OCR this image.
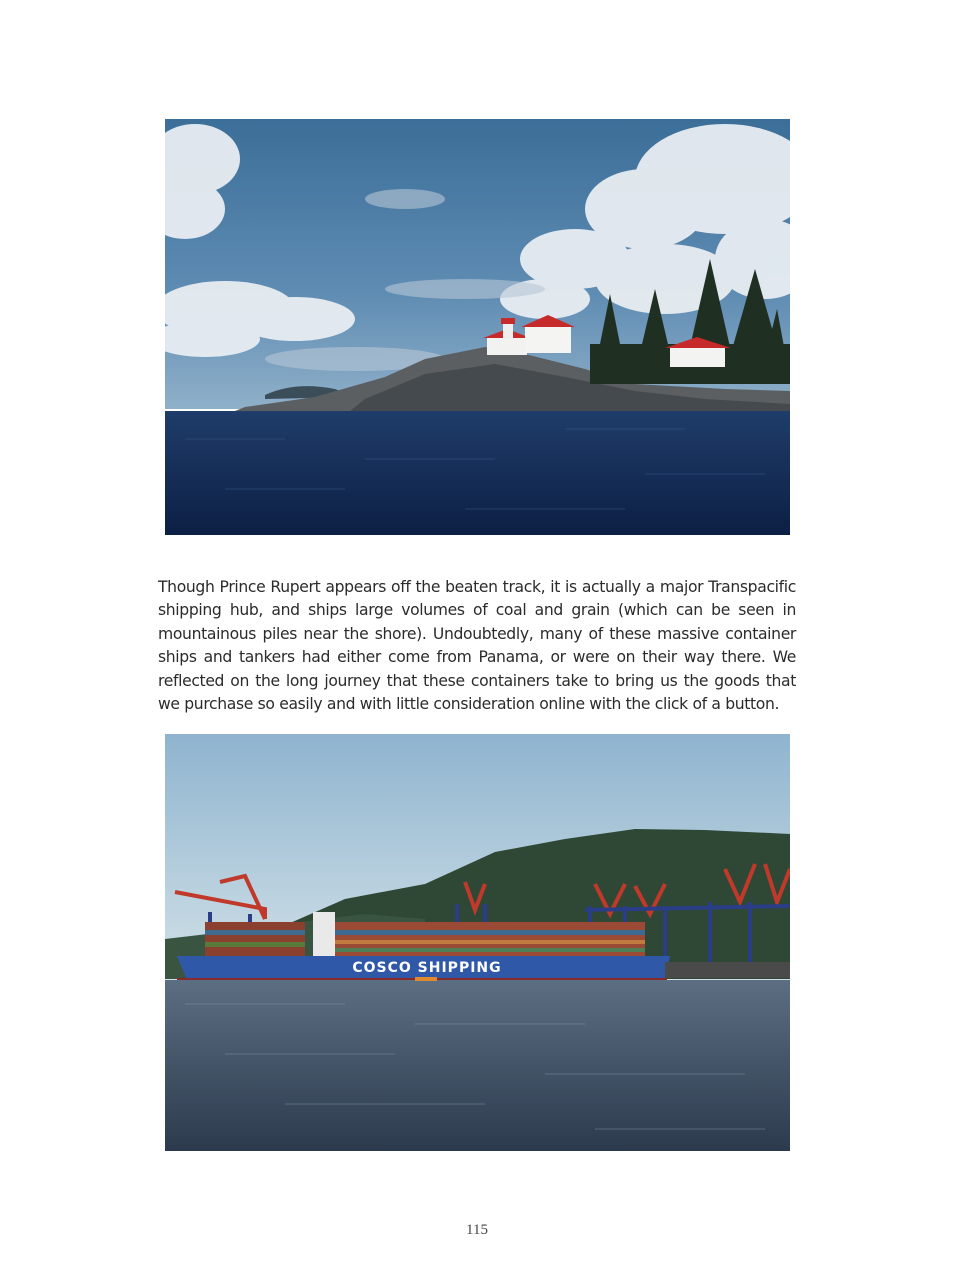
Though Prince Rupert appears off the beaten track, it is actually a major Transpacific shipping hub, and ships large volumes of coal and grain (which can be seen in mountainous piles near the shore). Undoubtedly, many of these massive container ships and tankers had either come from Panama, or were on their way there. We reflected on the long journey that these containers take to bring us the goods that we purchase so easily and with little consideration online with the click of a button.

COSCO SHIPPING
115
